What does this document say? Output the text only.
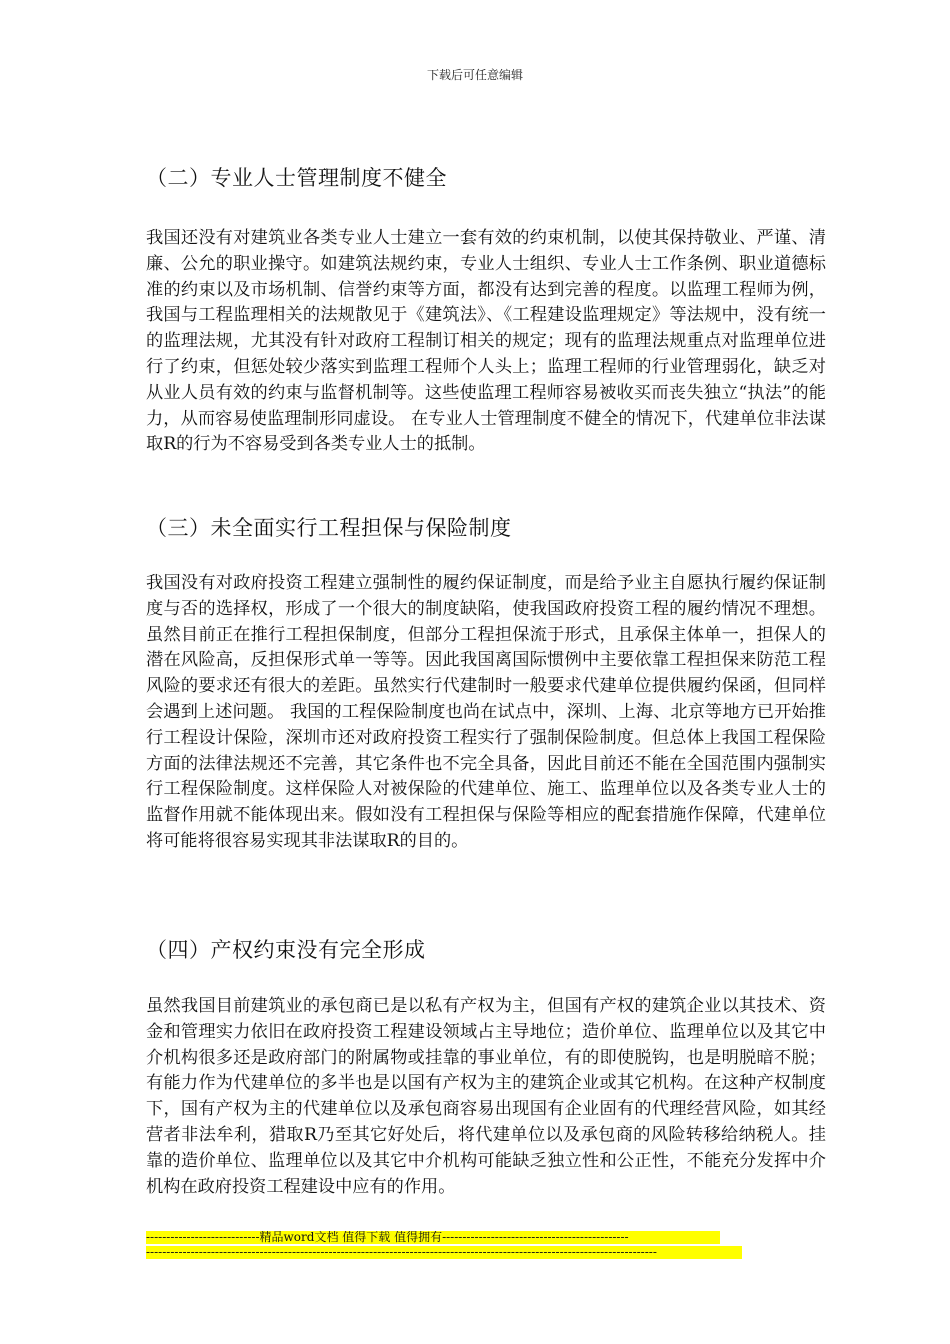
下载后可任意编辑
（二）专业人士管理制度不健全

我国还没有对建筑业各类专业人士建立一套有效的约束机制，以使其保持敬业、严谨、清廉、公允的职业操守。如建筑法规约束，专业人士组织、专业人士工作条例、职业道德标准的约束以及市场机制、信誉约束等方面，都没有达到完善的程度。以监理工程师为例，我国与工程监理相关的法规散见于《建筑法》、《工程建设监理规定》等法规中，没有统一的监理法规，尤其没有针对政府工程制订相关的规定；现有的监理法规重点对监理单位进行了约束，但惩处较少落实到监理工程师个人头上；监理工程师的行业管理弱化，缺乏对从业人员有效的约束与监督机制等。这些使监理工程师容易被收买而丧失独立“执法”的能力，从而容易使监理制形同虚设。 在专业人士管理制度不健全的情况下，代建单位非法谋取R的行为不容易受到各类专业人士的抵制。

（三）未全面实行工程担保与保险制度

我国没有对政府投资工程建立强制性的履约保证制度，而是给予业主自愿执行履约保证制度与否的选择权，形成了一个很大的制度缺陷，使我国政府投资工程的履约情况不理想。虽然目前正在推行工程担保制度，但部分工程担保流于形式，且承保主体单一，担保人的潜在风险高，反担保形式单一等等。因此我国离国际惯例中主要依靠工程担保来防范工程风险的要求还有很大的差距。虽然实行代建制时一般要求代建单位提供履约保函，但同样会遇到上述问题。 我国的工程保险制度也尚在试点中，深圳、上海、北京等地方已开始推行工程设计保险，深圳市还对政府投资工程实行了强制保险制度。但总体上我国工程保险方面的法律法规还不完善，其它条件也不完全具备，因此目前还不能在全国范围内强制实行工程保险制度。这样保险人对被保险的代建单位、施工、监理单位以及各类专业人士的监督作用就不能体现出来。假如没有工程担保与保险等相应的配套措施作保障，代建单位将可能将很容易实现其非法谋取R的目的。

（四）产权约束没有完全形成

虽然我国目前建筑业的承包商已是以私有产权为主，但国有产权的建筑企业以其技术、资金和管理实力依旧在政府投资工程建设领域占主导地位；造价单位、监理单位以及其它中介机构很多还是政府部门的附属物或挂靠的事业单位，有的即使脱钩，也是明脱暗不脱；有能力作为代建单位的多半也是以国有产权为主的建筑企业或其它机构。在这种产权制度下，国有产权为主的代建单位以及承包商容易出现国有企业固有的代理经营风险，如其经营者非法牟利，猎取R乃至其它好处后，将代建单位以及承包商的风险转移给纳税人。挂靠的造价单位、监理单位以及其它中介机构可能缺乏独立性和公正性，不能充分发挥中介机构在政府投资工程建设中应有的作用。

----------------------------精品word文档 值得下载 值得拥有----------------------------------------------
------------------------------------------------------------------------------------------------------------------------------
